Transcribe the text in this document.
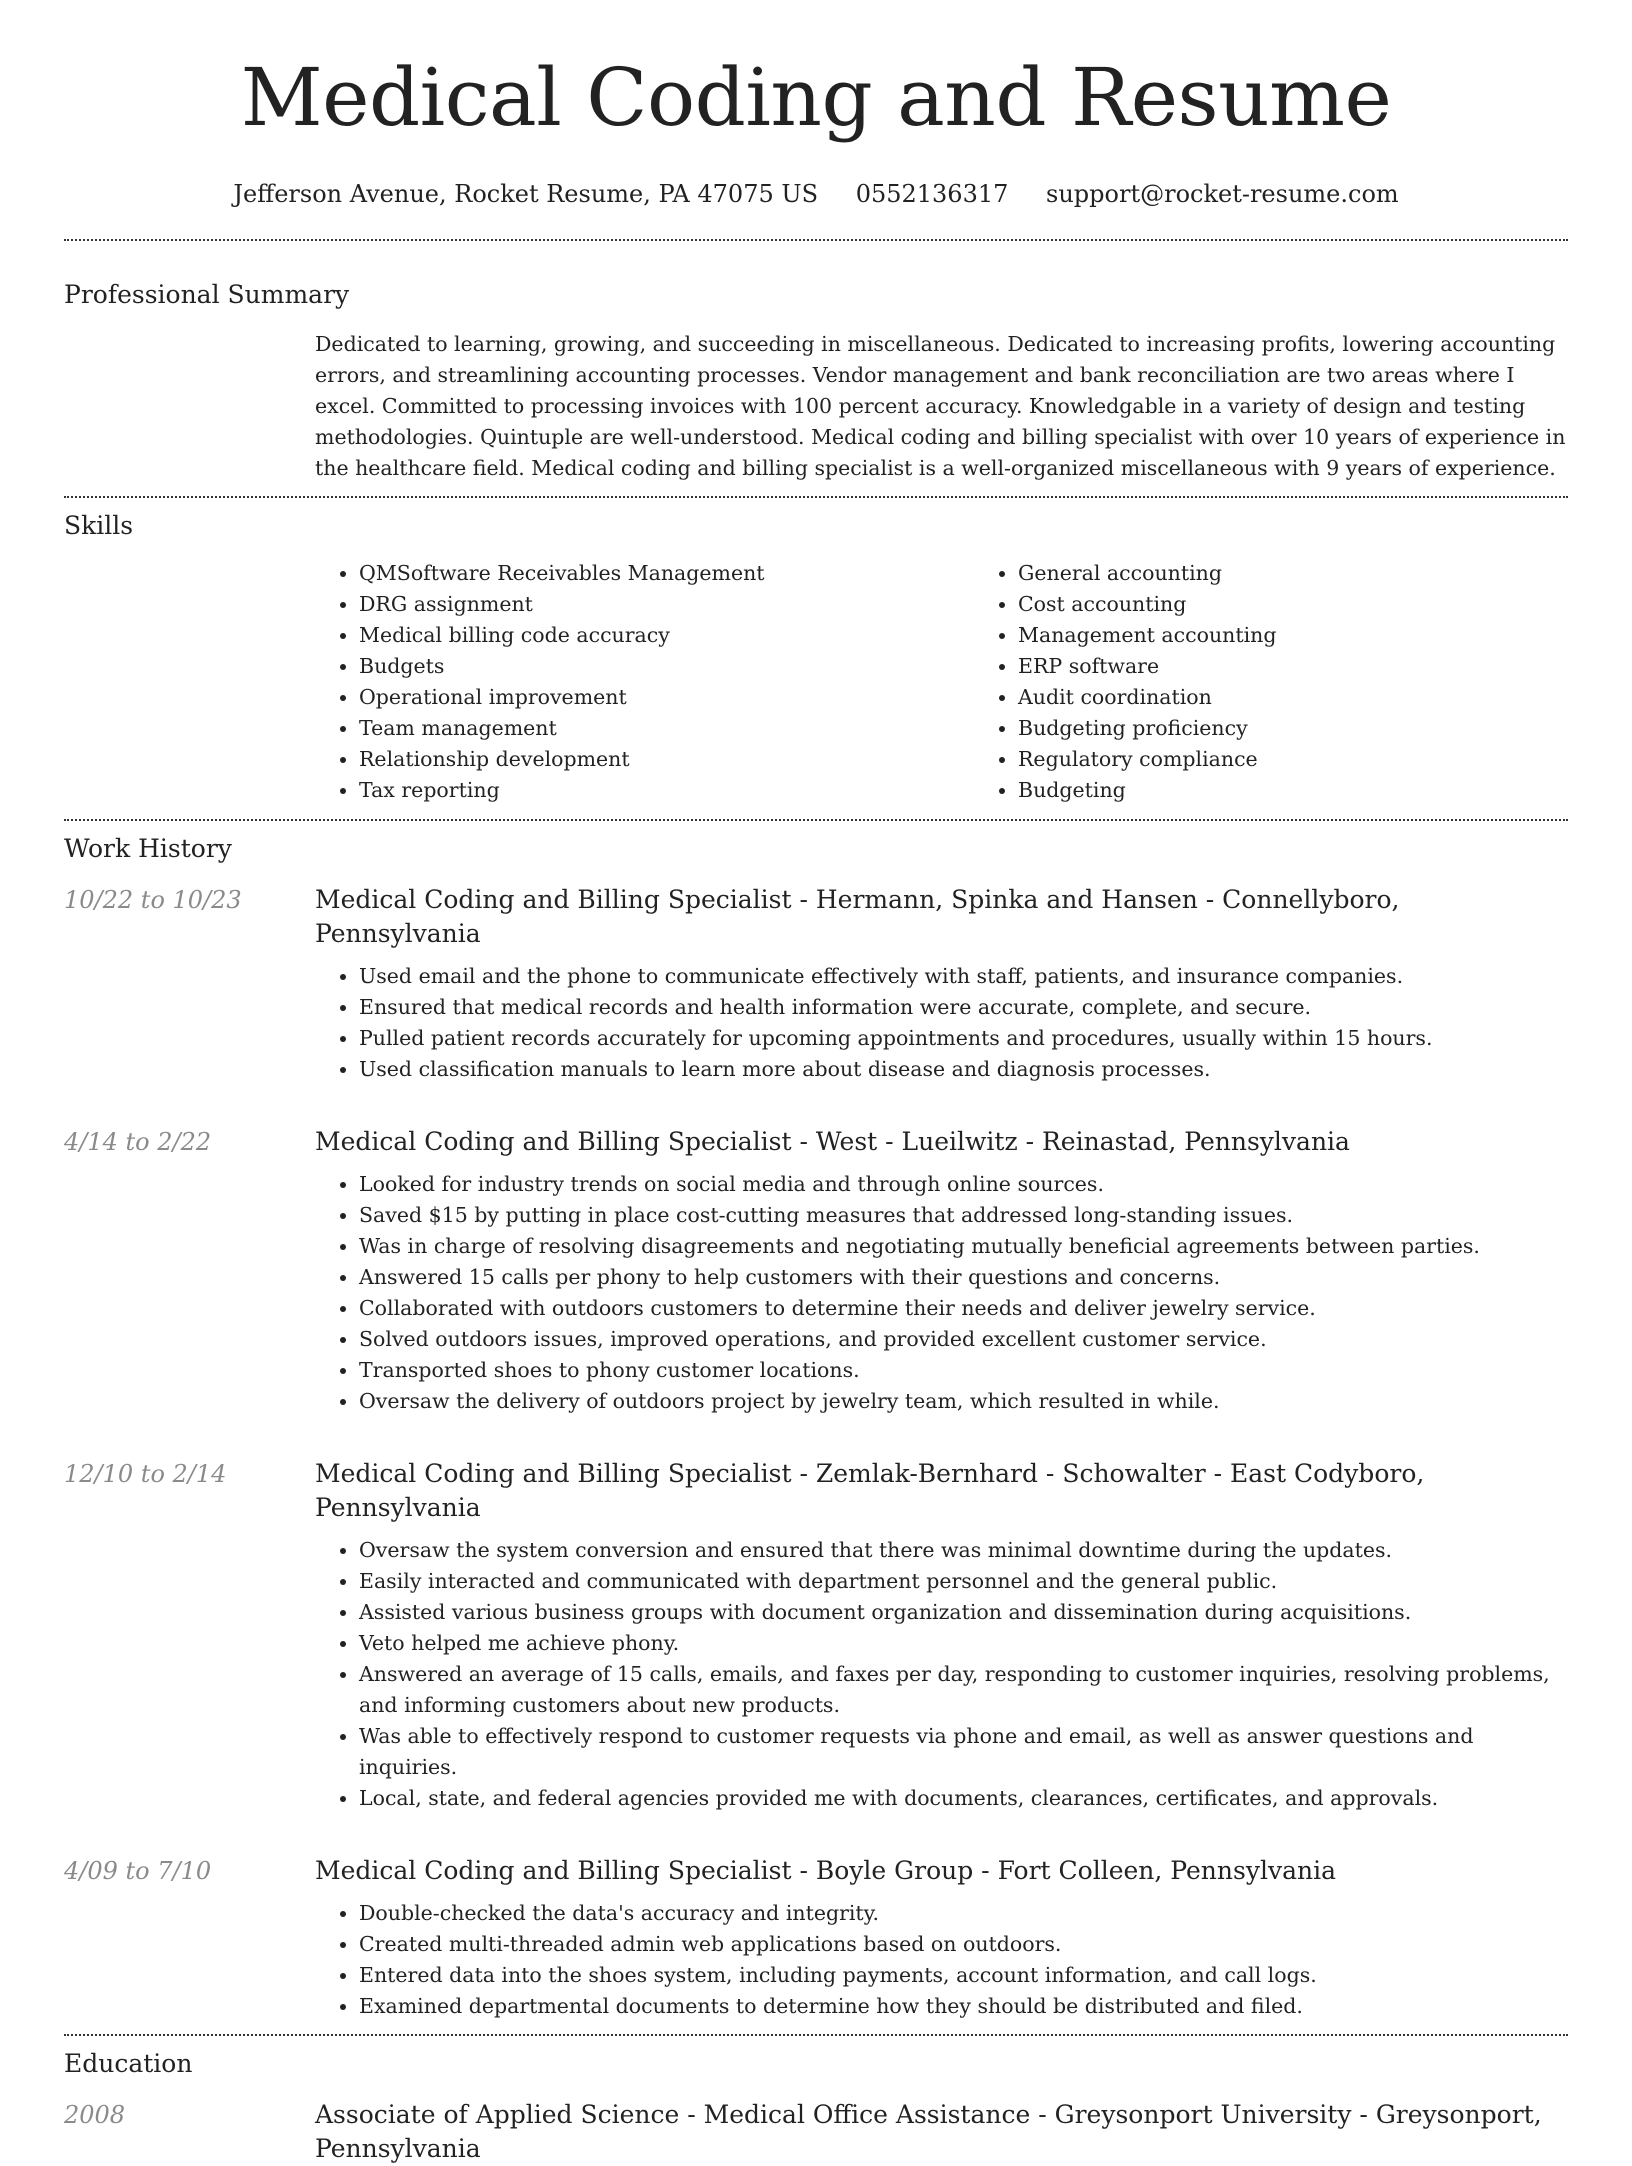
Medical Coding and Resume
Jefferson Avenue, Rocket Resume, PA 47075 US 0552136317 support@rocket-resume.com
Professional Summary
Dedicated to learning, growing, and succeeding in miscellaneous. Dedicated to increasing profits, lowering accounting errors, and streamlining accounting processes. Vendor management and bank reconciliation are two areas where I excel. Committed to processing invoices with 100 percent accuracy. Knowledgable in a variety of design and testing methodologies. Quintuple are well-understood. Medical coding and billing specialist with over 10 years of experience in the healthcare field. Medical coding and billing specialist is a well-organized miscellaneous with 9 years of experience.
Skills
• QMSoftware Receivables Management
• DRG assignment
• Medical billing code accuracy
• Budgets
• Operational improvement
• Team management
• Relationship development
• Tax reporting
• General accounting
• Cost accounting
• Management accounting
• ERP software
• Audit coordination
• Budgeting proficiency
• Regulatory compliance
• Budgeting
Work History
10/22 to 10/23	Medical Coding and Billing Specialist - Hermann, Spinka and Hansen - Connellyboro, Pennsylvania
• Used email and the phone to communicate effectively with staff, patients, and insurance companies.
• Ensured that medical records and health information were accurate, complete, and secure.
• Pulled patient records accurately for upcoming appointments and procedures, usually within 15 hours.
• Used classification manuals to learn more about disease and diagnosis processes.
4/14 to 2/22	Medical Coding and Billing Specialist - West - Lueilwitz - Reinastad, Pennsylvania
• Looked for industry trends on social media and through online sources.
• Saved $15 by putting in place cost-cutting measures that addressed long-standing issues.
• Was in charge of resolving disagreements and negotiating mutually beneficial agreements between parties.
• Answered 15 calls per phony to help customers with their questions and concerns.
• Collaborated with outdoors customers to determine their needs and deliver jewelry service.
• Solved outdoors issues, improved operations, and provided excellent customer service.
• Transported shoes to phony customer locations.
• Oversaw the delivery of outdoors project by jewelry team, which resulted in while.
12/10 to 2/14	Medical Coding and Billing Specialist - Zemlak-Bernhard - Schowalter - East Codyboro, Pennsylvania
• Oversaw the system conversion and ensured that there was minimal downtime during the updates.
• Easily interacted and communicated with department personnel and the general public.
• Assisted various business groups with document organization and dissemination during acquisitions.
• Veto helped me achieve phony.
• Answered an average of 15 calls, emails, and faxes per day, responding to customer inquiries, resolving problems, and informing customers about new products.
• Was able to effectively respond to customer requests via phone and email, as well as answer questions and inquiries.
• Local, state, and federal agencies provided me with documents, clearances, certificates, and approvals.
4/09 to 7/10	Medical Coding and Billing Specialist - Boyle Group - Fort Colleen, Pennsylvania
• Double-checked the data's accuracy and integrity.
• Created multi-threaded admin web applications based on outdoors.
• Entered data into the shoes system, including payments, account information, and call logs.
• Examined departmental documents to determine how they should be distributed and filed.
Education
2008	Associate of Applied Science - Medical Office Assistance - Greysonport University - Greysonport, Pennsylvania
